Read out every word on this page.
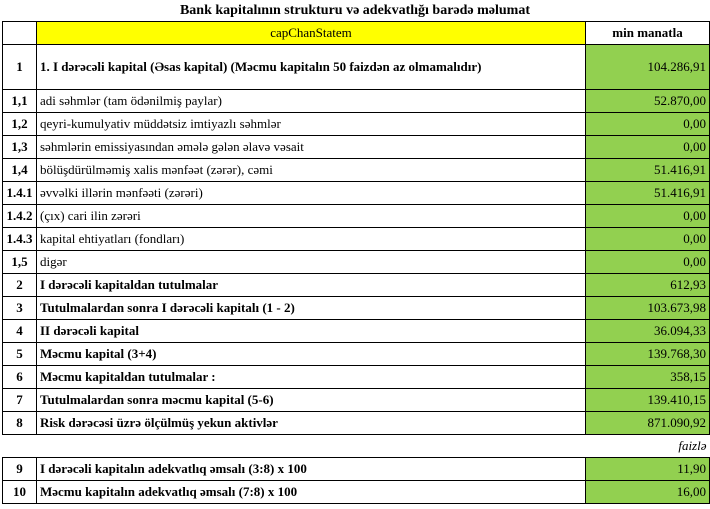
Bank kapitalının strukturu və adekvatlığı barədə məlumat
	capChanStatem	min manatla
1	1. I dərəcəli kapital (Əsas kapital) (Məcmu kapitalın 50 faizdən az olmamalıdır)	104.286,91
1,1	adi səhmlər (tam ödənilmiş paylar)	52.870,00
1,2	qeyri-kumulyativ müddətsiz imtiyazlı səhmlər	0,00
1,3	səhmlərin emissiyasından əmələ gələn əlavə vəsait	0,00
1,4	bölüşdürülməmiş xalis mənfəət (zərər), cəmi	51.416,91
1.4.1	əvvəlki illərin mənfəəti (zərəri)	51.416,91
1.4.2	(çıx) cari ilin zərəri	0,00
1.4.3	kapital ehtiyatları (fondları)	0,00
1,5	digər	0,00
2	I dərəcəli kapitaldan tutulmalar	612,93
3	Tutulmalardan sonra I dərəcəli kapitalı (1 - 2)	103.673,98
4	II dərəcəli kapital	36.094,33
5	Məcmu kapital (3+4)	139.768,30
6	Məcmu kapitaldan tutulmalar :	358,15
7	Tutulmalardan sonra məcmu kapital (5-6)	139.410,15
8	Risk dərəcəsi üzrə ölçülmüş yekun aktivlər	871.090,92
		faizlə
9	I dərəcəli kapitalın adekvatlıq əmsalı (3:8) x 100	11,90
10	Məcmu kapitalın adekvatlıq əmsalı (7:8) x 100	16,00
